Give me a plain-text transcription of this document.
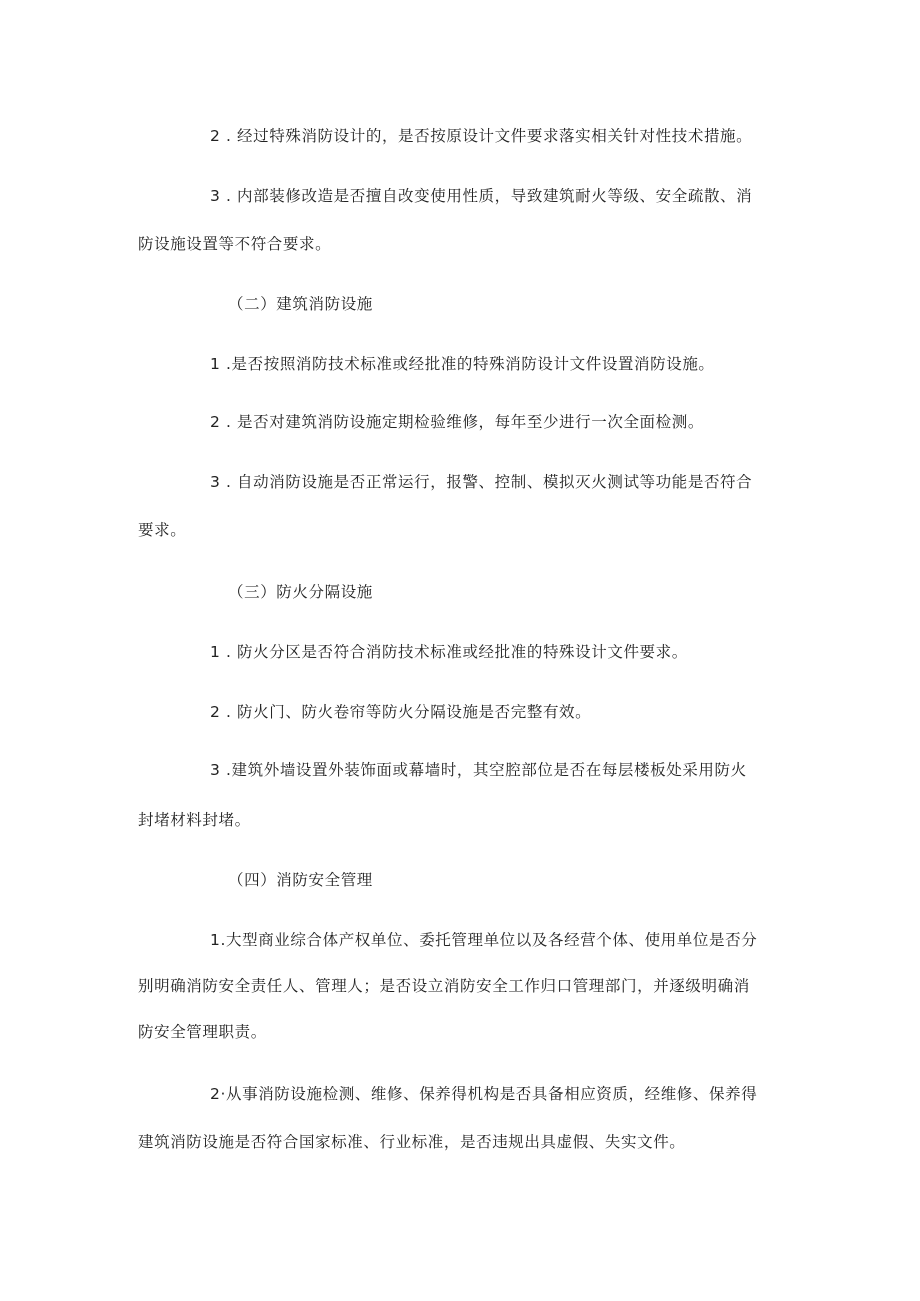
2 . 经过特殊消防设计的，是否按原设计文件要求落实相关针对性技术措施。
3 . 内部装修改造是否擅自改变使用性质，导致建筑耐火等级、安全疏散、消
防设施设置等不符合要求。
（二）建筑消防设施
1 .是否按照消防技术标准或经批准的特殊消防设计文件设置消防设施。
2 . 是否对建筑消防设施定期检验维修，每年至少进行一次全面检测。
3 . 自动消防设施是否正常运行，报警、控制、模拟灭火测试等功能是否符合
要求。
（三）防火分隔设施
1 . 防火分区是否符合消防技术标准或经批准的特殊设计文件要求。
2 . 防火门、防火卷帘等防火分隔设施是否完整有效。
3 .建筑外墙设置外装饰面或幕墙时，其空腔部位是否在每层楼板处采用防火
封堵材料封堵。
（四）消防安全管理
1.大型商业综合体产权单位、委托管理单位以及各经营个体、使用单位是否分
别明确消防安全责任人、管理人；是否设立消防安全工作归口管理部门，并逐级明确消
防安全管理职责。
2·从事消防设施检测、维修、保养得机构是否具备相应资质，经维修、保养得
建筑消防设施是否符合国家标准、行业标准，是否违规出具虚假、失实文件。
